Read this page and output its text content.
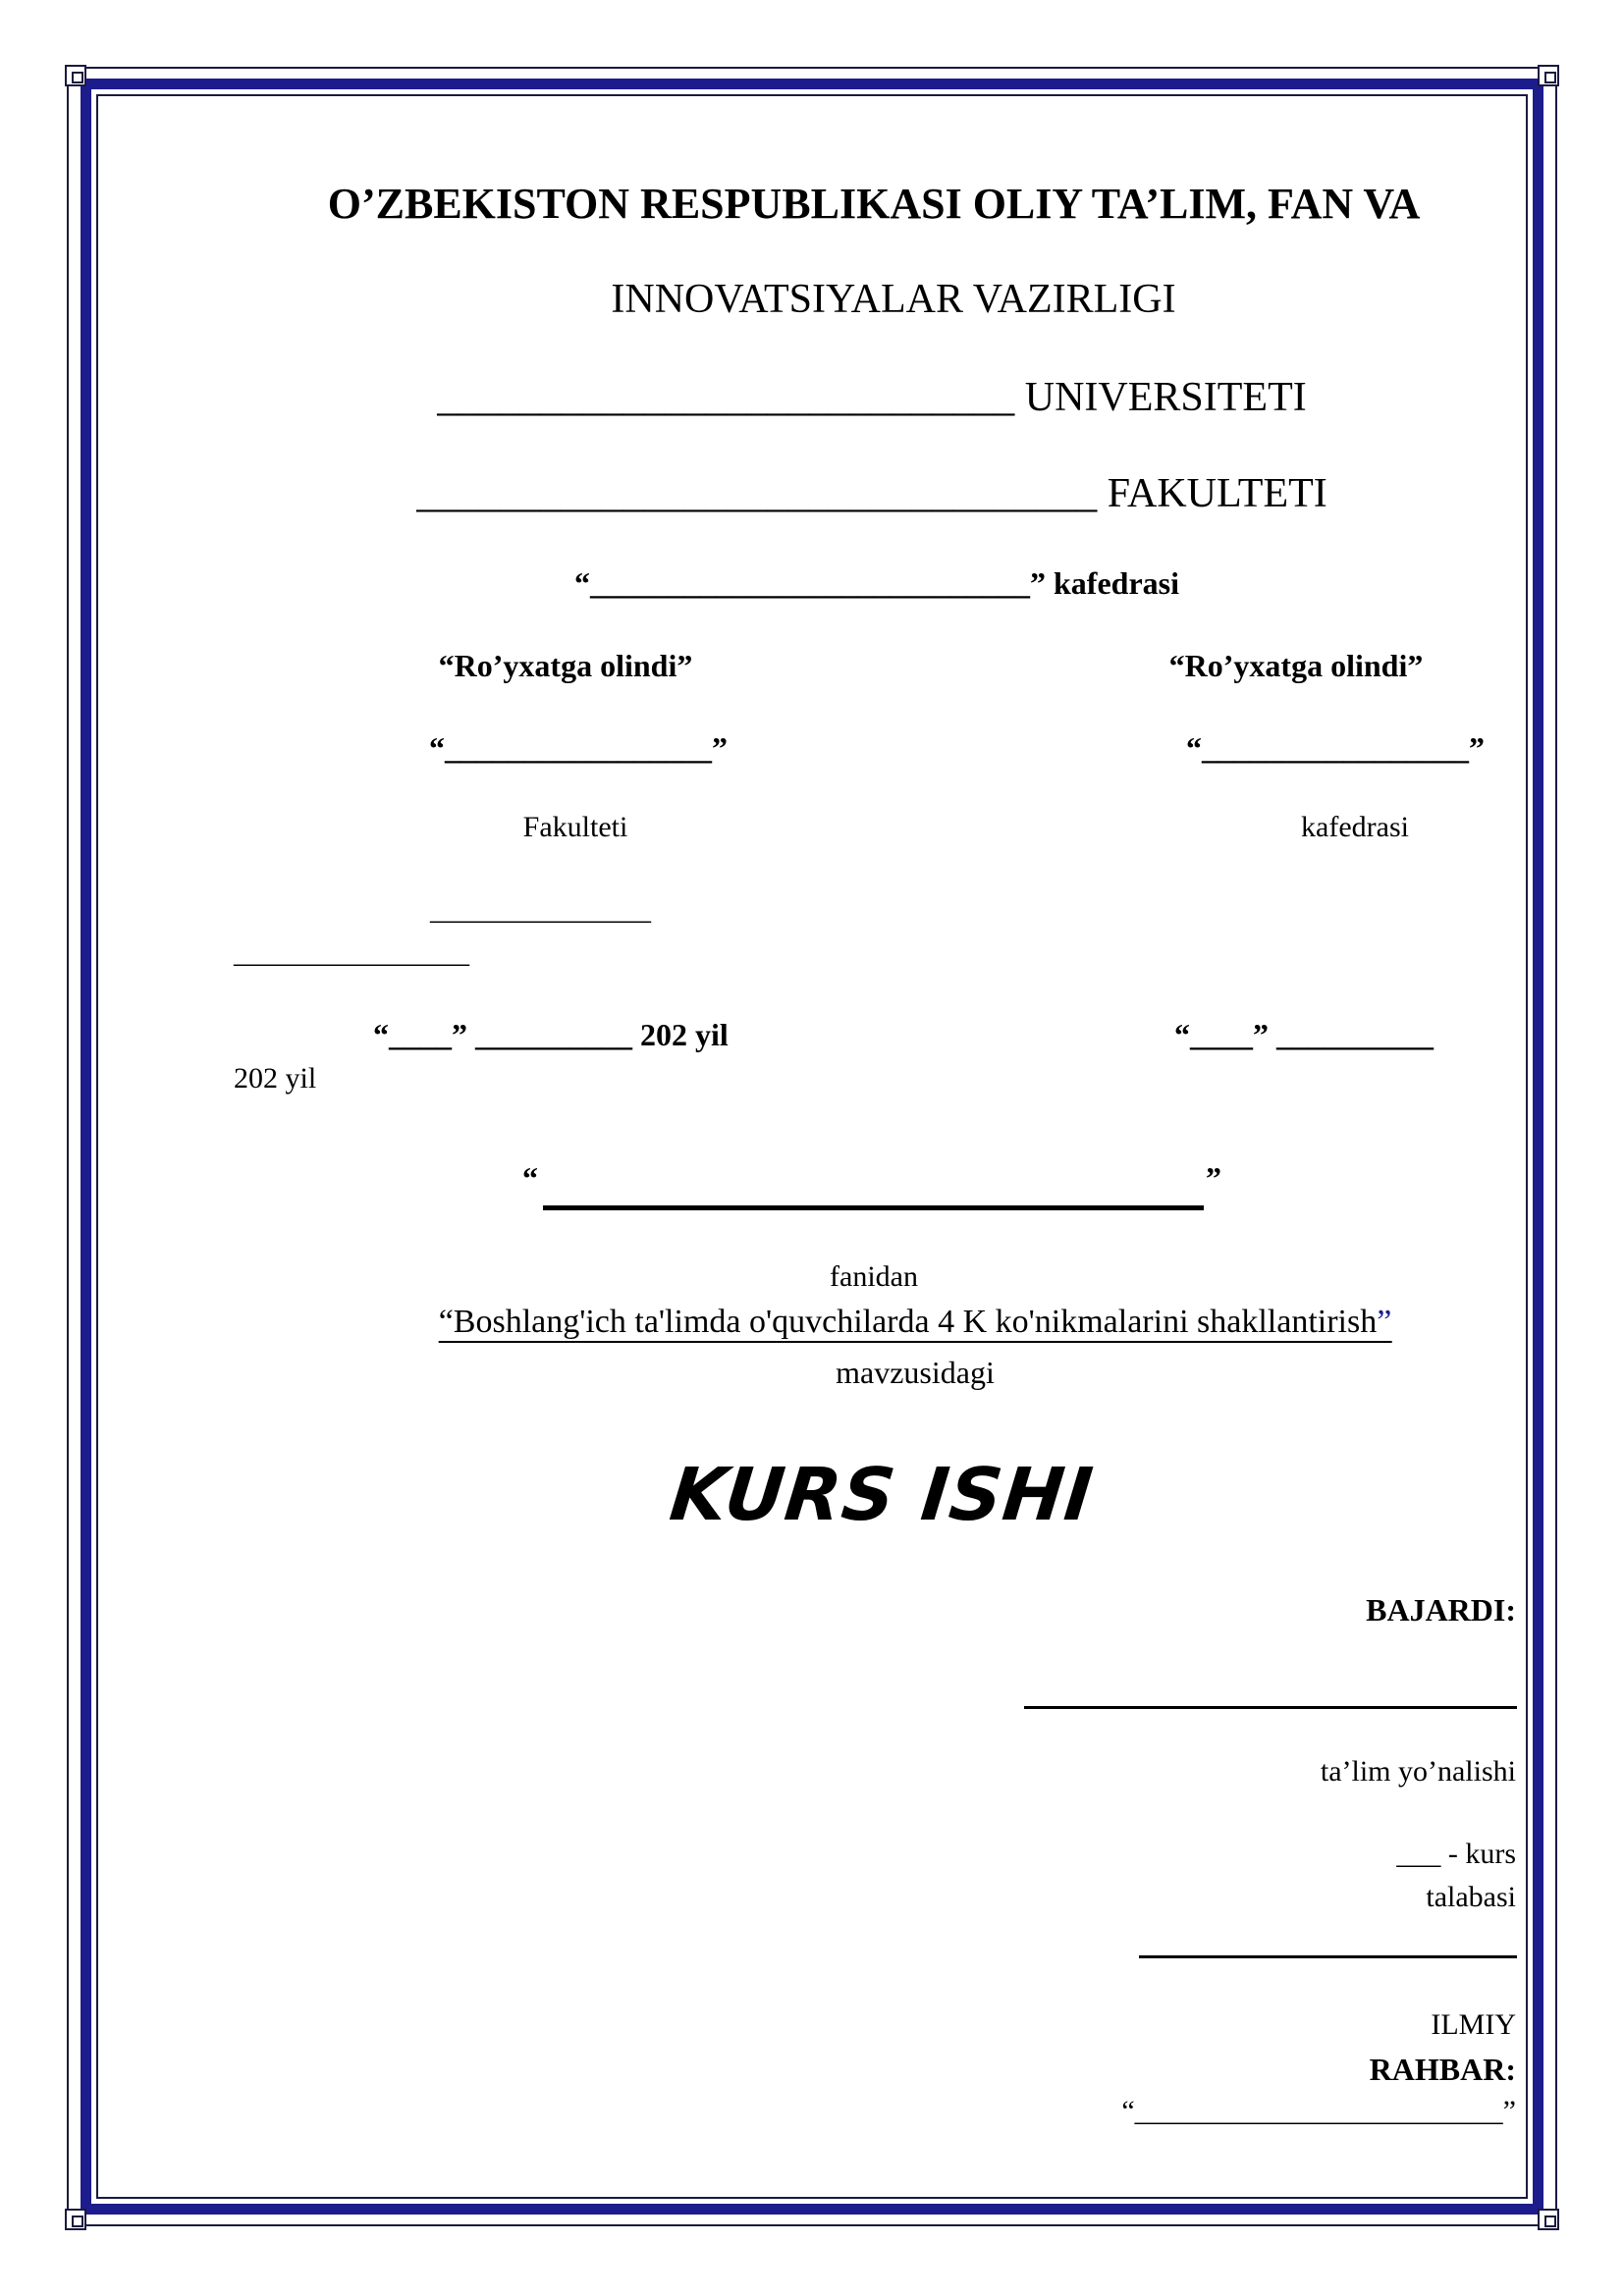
O’ZBEKISTON RESPUBLIKASI OLIY TA’LIM, FAN VA
INNOVATSIYALAR VAZIRLIGI
____________________________ UNIVERSITETI
_________________________________ FAKULTETI
“____________________________” kafedrasi
“Ro’yxatga olindi”	“Ro’yxatga olindi”
“_________________”	“_________________”
Fakulteti	kafedrasi
_______________
________________
“____” __________ 202 yil	“____” __________
202 yil
“	”
fanidan
“Boshlang'ich ta'limda o'quvchilarda 4 K ko'nikmalarini shakllantirish”
mavzusidagi
KURS ISHI
BAJARDI:
ta’lim yo’nalishi
___ - kurs
talabasi
ILMIY
RAHBAR:
“_________________________”
